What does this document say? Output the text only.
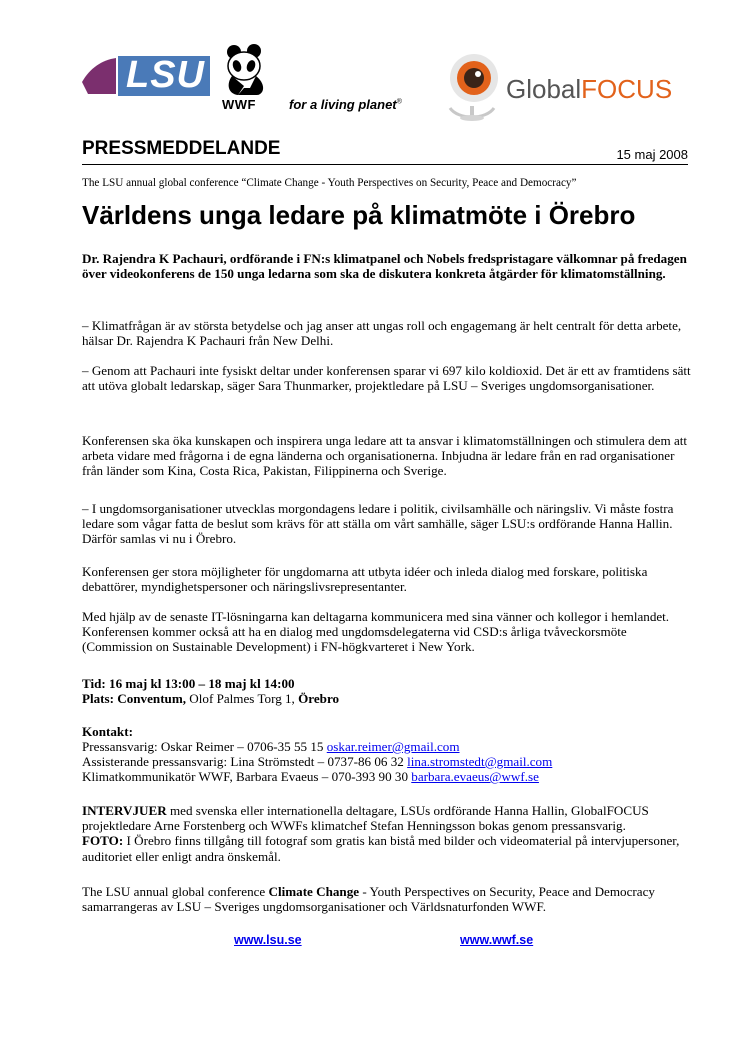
LSU
WWF	for a living planet®	GlobalFOCUS
PRESSMEDDELANDE	15 maj 2008
The LSU annual global conference “Climate Change - Youth Perspectives on Security, Peace and Democracy”
Världens unga ledare på klimatmöte i Örebro
Dr. Rajendra K Pachauri, ordförande i FN:s klimatpanel och Nobels fredspristagare välkomnar på fredagen över videokonferens de 150 unga ledarna som ska de diskutera konkreta åtgärder för klimatomställning.
– Klimatfrågan är av största betydelse och jag anser att ungas roll och engagemang är helt centralt för detta arbete, hälsar Dr. Rajendra K Pachauri från New Delhi.
– Genom att Pachauri inte fysiskt deltar under konferensen sparar vi 697 kilo koldioxid. Det är ett av framtidens sätt att utöva globalt ledarskap, säger Sara Thunmarker, projektledare på LSU – Sveriges ungdomsorganisationer.
Konferensen ska öka kunskapen och inspirera unga ledare att ta ansvar i klimatomställningen och stimulera dem att arbeta vidare med frågorna i de egna länderna och organisationerna. Inbjudna är ledare från en rad organisationer från länder som Kina, Costa Rica, Pakistan, Filippinerna och Sverige.
– I ungdomsorganisationer utvecklas morgondagens ledare i politik, civilsamhälle och näringsliv. Vi måste fostra ledare som vågar fatta de beslut som krävs för att ställa om vårt samhälle, säger LSU:s ordförande Hanna Hallin. Därför samlas vi nu i Örebro.
Konferensen ger stora möjligheter för ungdomarna att utbyta idéer och inleda dialog med forskare, politiska debattörer, myndighetspersoner och näringslivsrepresentanter.
Med hjälp av de senaste IT-lösningarna kan deltagarna kommunicera med sina vänner och kollegor i hemlandet. Konferensen kommer också att ha en dialog med ungdomsdelegaterna vid CSD:s årliga tvåveckorsmöte (Commission on Sustainable Development) i FN-högkvarteret i New York.
Tid: 16 maj kl 13:00 – 18 maj kl 14:00
Plats: Conventum, Olof Palmes Torg 1, Örebro
Kontakt:
Pressansvarig: Oskar Reimer – 0706-35 55 15 oskar.reimer@gmail.com
Assisterande pressansvarig: Lina Strömstedt – 0737-86 06 32 lina.stromstedt@gmail.com
Klimatkommunikatör WWF, Barbara Evaeus – 070-393 90 30 barbara.evaeus@wwf.se
INTERVJUER med svenska eller internationella deltagare, LSUs ordförande Hanna Hallin, GlobalFOCUS projektledare Arne Forstenberg och WWFs klimatchef Stefan Henningsson bokas genom pressansvarig.
FOTO: I Örebro finns tillgång till fotograf som gratis kan bistå med bilder och videomaterial på intervjupersoner, auditoriet eller enligt andra önskemål.
The LSU annual global conference Climate Change - Youth Perspectives on Security, Peace and Democracy samarrangeras av LSU – Sveriges ungdomsorganisationer och Världsnaturfonden WWF.
www.lsu.se	www.wwf.se
